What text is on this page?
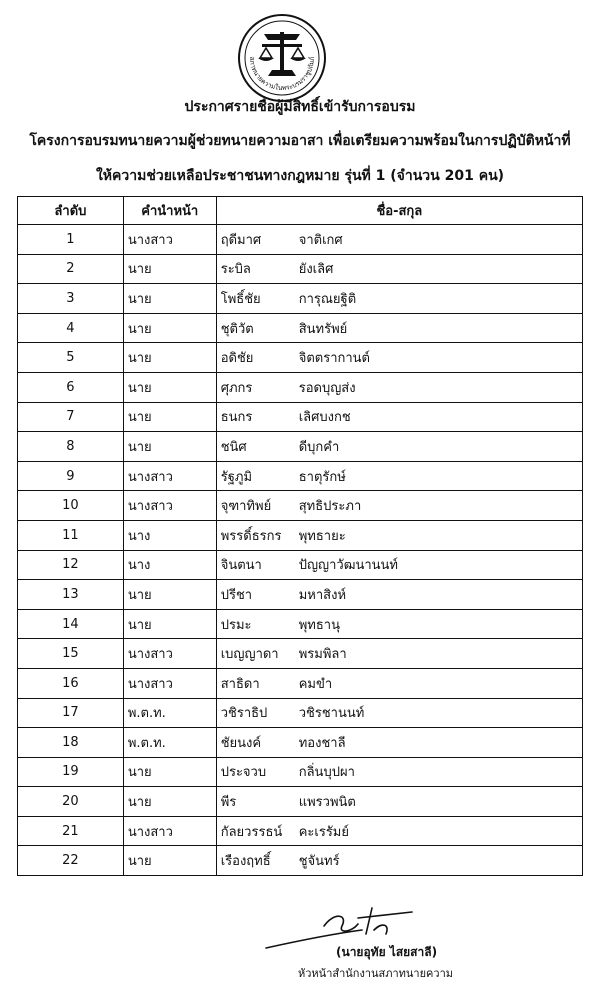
สภาทนายความในพระบรมราชูปถัมภ์
ประกาศรายชื่อผู้มีสิทธิ์เข้ารับการอบรม
โครงการอบรมทนายความผู้ช่วยทนายความอาสา เพื่อเตรียมความพร้อมในการปฏิบัติหน้าที่
ให้ความช่วยเหลือประชาชนทางกฎหมาย รุ่นที่ 1 (จำนวน 201 คน)
ลำดับ	คำนำหน้า	ชื่อ-สกุล
1	นางสาว	ฤดีมาศ จาติเกศ
2	นาย	ระบิล ยังเลิศ
3	นาย	โพธิ์ชัย การุณยฐิติ
4	นาย	ชุติวัต สินทรัพย์
5	นาย	อดิชัย จิตตรากานต์
6	นาย	ศุภกร รอดบุญส่ง
7	นาย	ธนกร เลิศบงกช
8	นาย	ชนิศ ดีบุกคำ
9	นางสาว	รัฐภูมิ ธาตุรักษ์
10	นางสาว	จุฑาทิพย์ สุทธิประภา
11	นาง	พรรดิ์ธรกร พุทธายะ
12	นาง	จินตนา ปัญญาวัฒนานนท์
13	นาย	ปรีชา มหาสิงห์
14	นาย	ปรมะ พุทธานุ
15	นางสาว	เบญญาดา พรมพิลา
16	นางสาว	สาธิดา คมขำ
17	พ.ต.ท.	วชิราธิป วชิรชานนท์
18	พ.ต.ท.	ชัยนงค์ ทองชาลี
19	นาย	ประจวบ กลิ่นบุปผา
20	นาย	พีร แพรวพนิต
21	นางสาว	กัลยวรรธน์ คะเรรัมย์
22	นาย	เรืองฤทธิ์ ชูจันทร์
(นายอุทัย ไสยสาลี)
หัวหน้าสำนักงานสภาทนายความ
